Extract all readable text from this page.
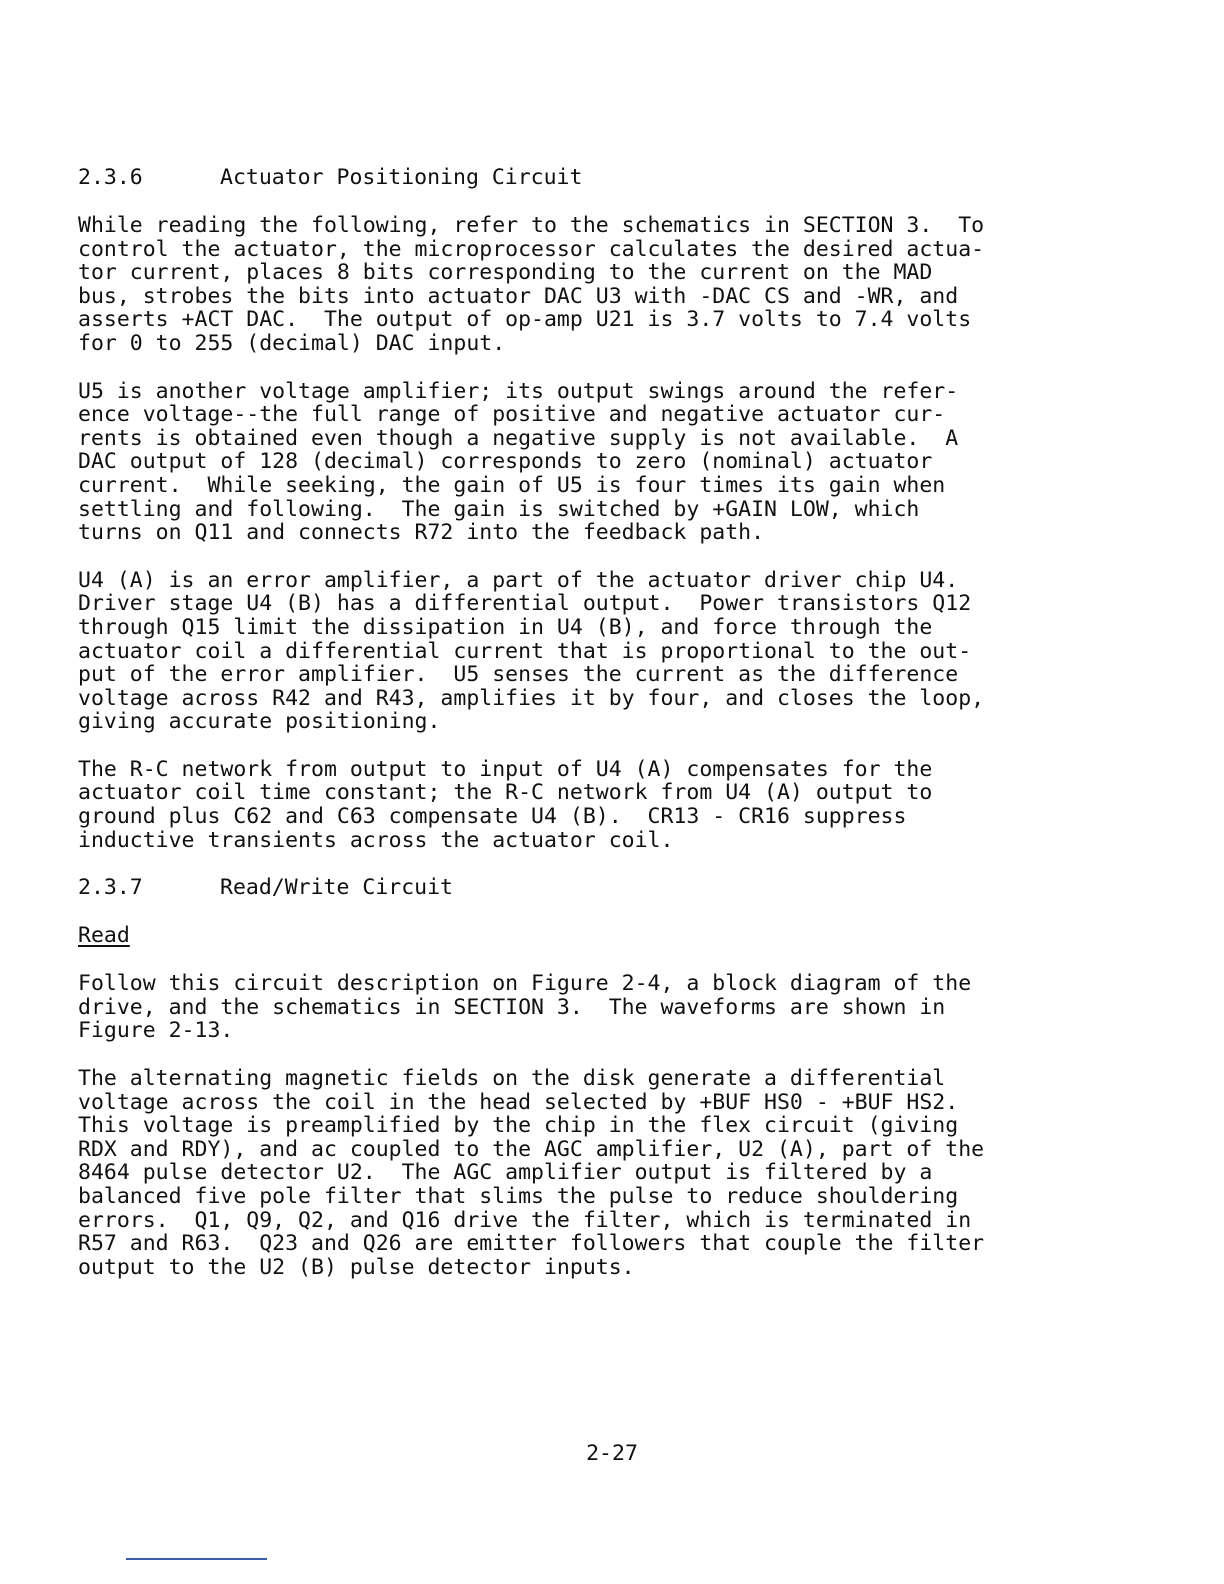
2.3.6	Actuator Positioning Circuit
While reading the following, refer to the schematics in SECTION 3.  To
control the actuator, the microprocessor calculates the desired actua-
tor current, places 8 bits corresponding to the current on the MAD
bus, strobes the bits into actuator DAC U3 with -DAC CS and -WR, and
asserts +ACT DAC.  The output of op-amp U21 is 3.7 volts to 7.4 volts
for 0 to 255 (decimal) DAC input.
U5 is another voltage amplifier; its output swings around the refer-
ence voltage--the full range of positive and negative actuator cur-
rents is obtained even though a negative supply is not available.  A
DAC output of 128 (decimal) corresponds to zero (nominal) actuator
current.  While seeking, the gain of U5 is four times its gain when
settling and following.  The gain is switched by +GAIN LOW, which
turns on Q11 and connects R72 into the feedback path.
U4 (A) is an error amplifier, a part of the actuator driver chip U4.
Driver stage U4 (B) has a differential output.  Power transistors Q12
through Q15 limit the dissipation in U4 (B), and force through the
actuator coil a differential current that is proportional to the out-
put of the error amplifier.  U5 senses the current as the difference
voltage across R42 and R43, amplifies it by four, and closes the loop,
giving accurate positioning.
The R-C network from output to input of U4 (A) compensates for the
actuator coil time constant; the R-C network from U4 (A) output to
ground plus C62 and C63 compensate U4 (B).  CR13 - CR16 suppress
inductive transients across the actuator coil.
2.3.7	Read/Write Circuit
Read
Follow this circuit description on Figure 2-4, a block diagram of the
drive, and the schematics in SECTION 3.  The waveforms are shown in
Figure 2-13.
The alternating magnetic fields on the disk generate a differential
voltage across the coil in the head selected by +BUF HS0 - +BUF HS2.
This voltage is preamplified by the chip in the flex circuit (giving
RDX and RDY), and ac coupled to the AGC amplifier, U2 (A), part of the
8464 pulse detector U2.  The AGC amplifier output is filtered by a
balanced five pole filter that slims the pulse to reduce shouldering
errors.  Q1, Q9, Q2, and Q16 drive the filter, which is terminated in
R57 and R63.  Q23 and Q26 are emitter followers that couple the filter
output to the U2 (B) pulse detector inputs.
2-27
